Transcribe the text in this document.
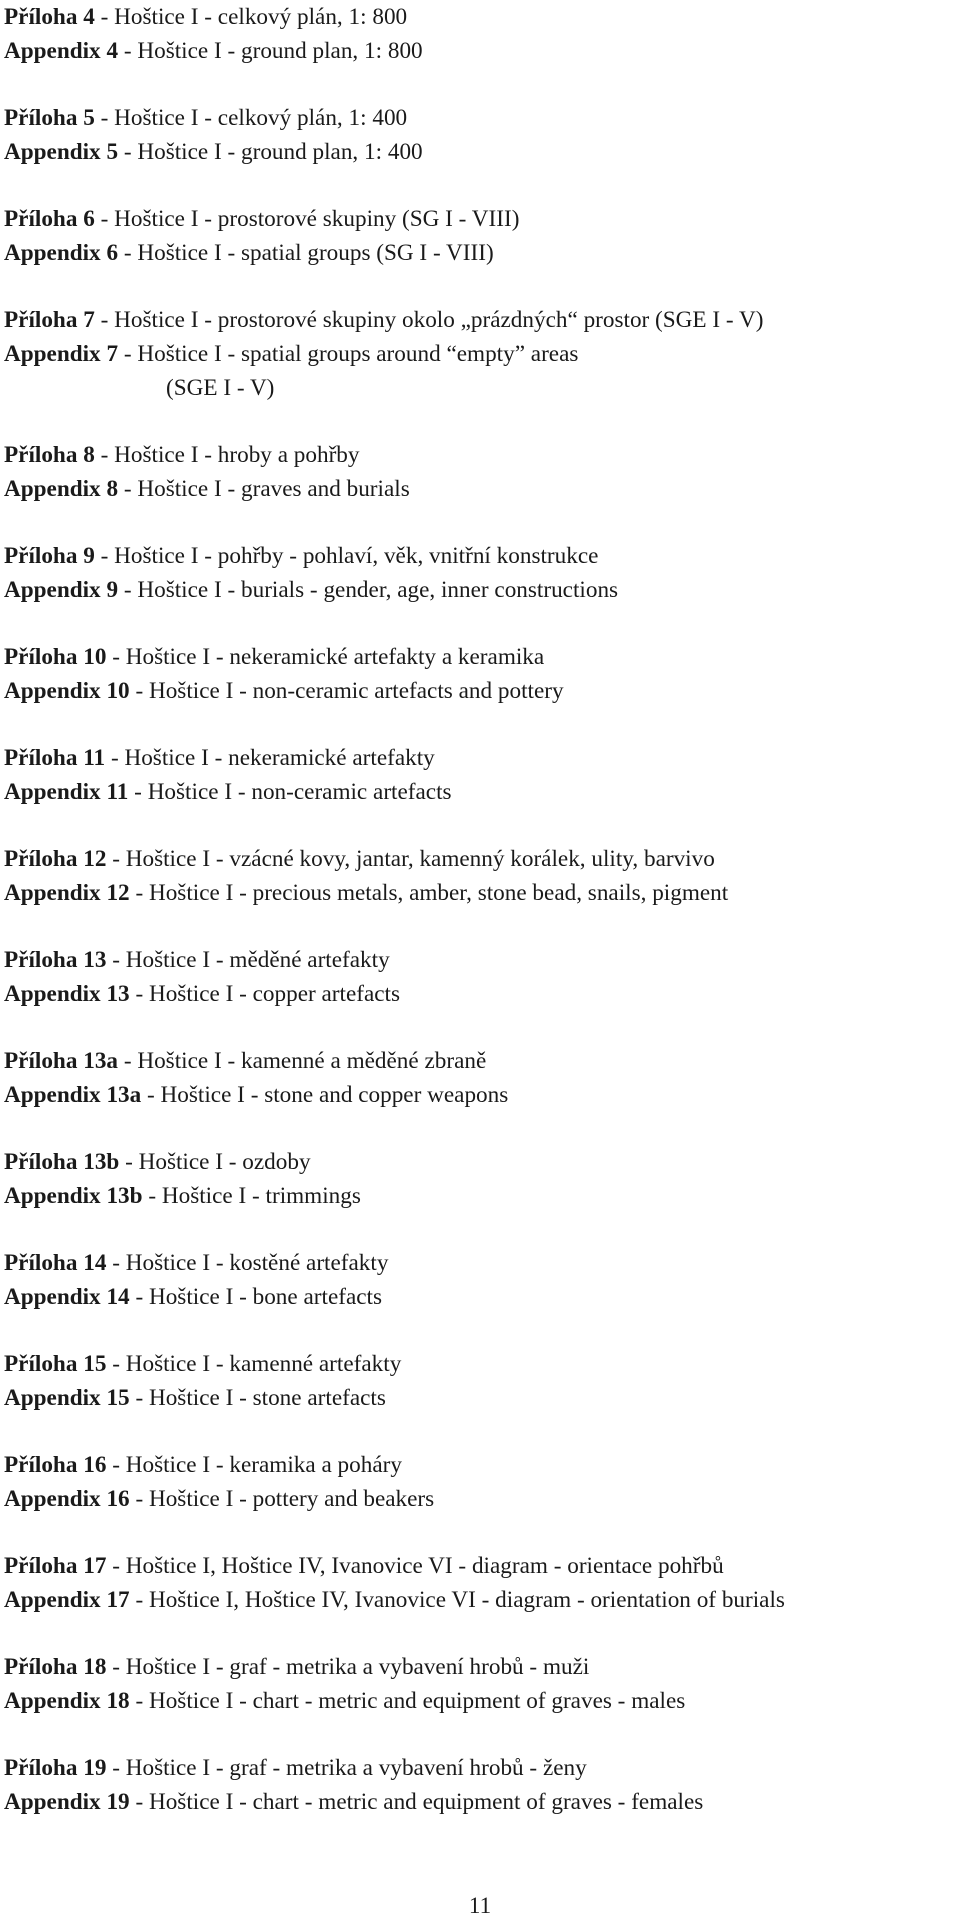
Příloha 4 - Hoštice I - celkový plán, 1: 800
Appendix 4 - Hoštice I - ground plan, 1: 800
Příloha 5 - Hoštice I - celkový plán, 1: 400
Appendix 5 - Hoštice I - ground plan, 1: 400
Příloha 6 - Hoštice I - prostorové skupiny (SG I - VIII)
Appendix 6 - Hoštice I - spatial groups (SG I - VIII)
Příloha 7 - Hoštice I - prostorové skupiny okolo „prázdných“ prostor (SGE I - V)
Appendix 7 - Hoštice I - spatial groups around “empty” areas
(SGE I - V)
Příloha 8 - Hoštice I - hroby a pohřby
Appendix 8 - Hoštice I - graves and burials
Příloha 9 - Hoštice I - pohřby - pohlaví, věk, vnitřní konstrukce
Appendix 9 - Hoštice I - burials - gender, age, inner constructions
Příloha 10 - Hoštice I - nekeramické artefakty a keramika
Appendix 10 - Hoštice I - non-ceramic artefacts and pottery
Příloha 11 - Hoštice I - nekeramické artefakty
Appendix 11 - Hoštice I - non-ceramic artefacts
Příloha 12 - Hoštice I - vzácné kovy, jantar, kamenný korálek, ulity, barvivo
Appendix 12 - Hoštice I - precious metals, amber, stone bead, snails, pigment
Příloha 13 - Hoštice I - měděné artefakty
Appendix 13 - Hoštice I - copper artefacts
Příloha 13a - Hoštice I - kamenné a měděné zbraně
Appendix 13a - Hoštice I - stone and copper weapons
Příloha 13b - Hoštice I - ozdoby
Appendix 13b - Hoštice I - trimmings
Příloha 14 - Hoštice I - kostěné artefakty
Appendix 14 - Hoštice I - bone artefacts
Příloha 15 - Hoštice I - kamenné artefakty
Appendix 15 - Hoštice I - stone artefacts
Příloha 16 - Hoštice I - keramika a poháry
Appendix 16 - Hoštice I - pottery and beakers
Příloha 17 - Hoštice I, Hoštice IV, Ivanovice VI - diagram - orientace pohřbů
Appendix 17 - Hoštice I, Hoštice IV, Ivanovice VI - diagram - orientation of burials
Příloha 18 - Hoštice I - graf - metrika a vybavení hrobů - muži
Appendix 18 - Hoštice I - chart - metric and equipment of graves - males
Příloha 19 - Hoštice I - graf - metrika a vybavení hrobů - ženy
Appendix 19 - Hoštice I - chart - metric and equipment of graves - females
11
